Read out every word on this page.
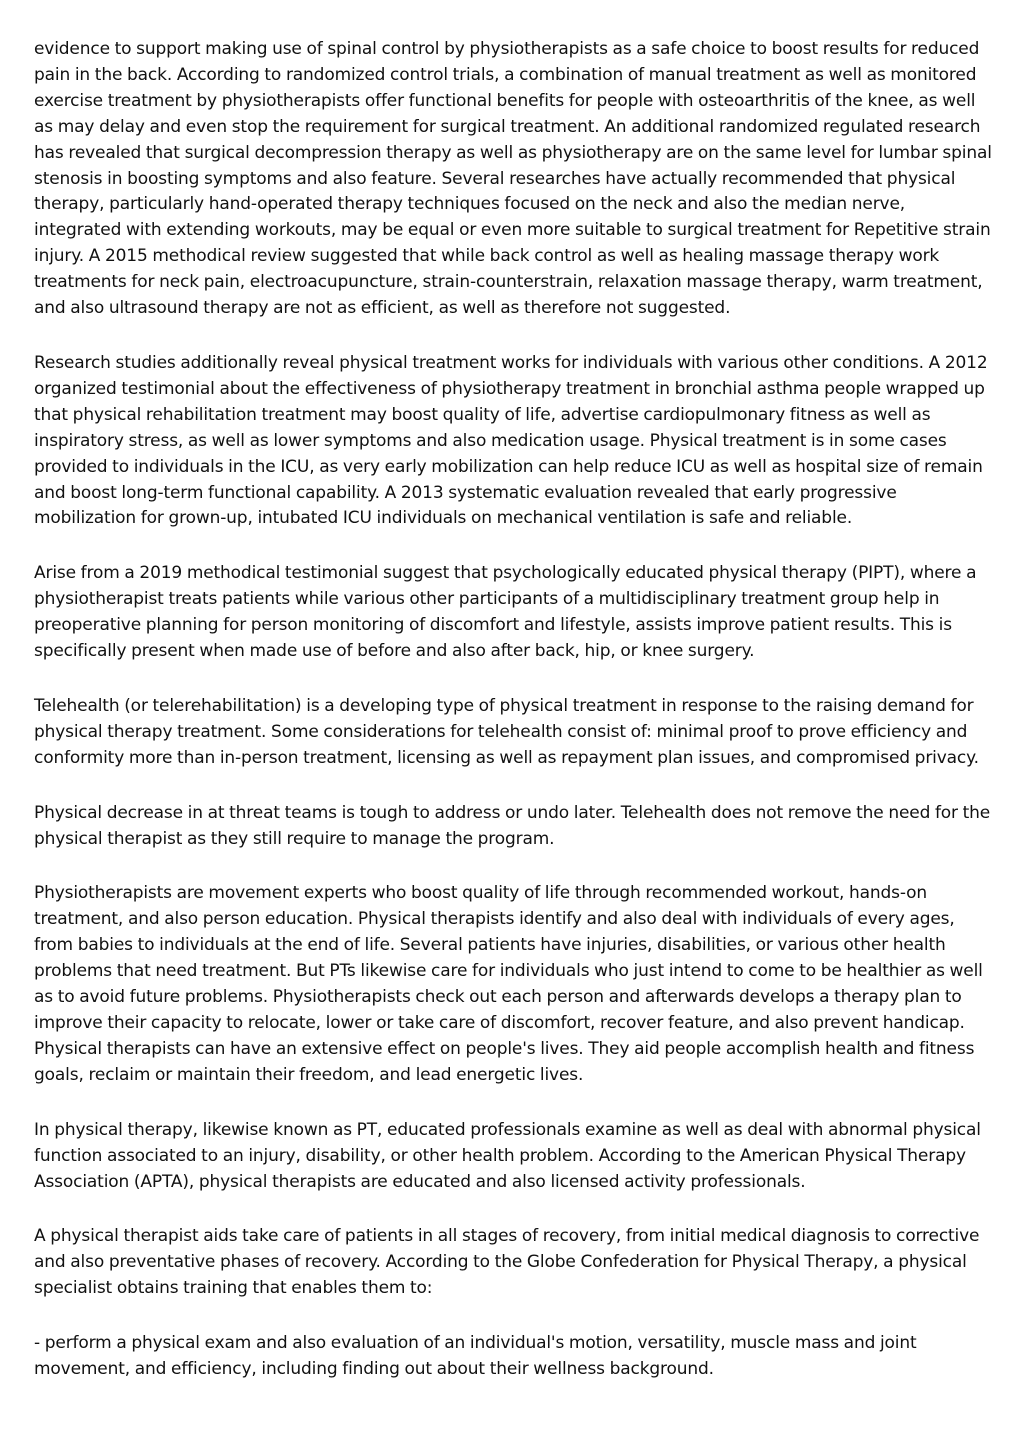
evidence to support making use of spinal control by physiotherapists as a safe choice to boost results for reduced pain in the back. According to randomized control trials, a combination of manual treatment as well as monitored exercise treatment by physiotherapists offer functional benefits for people with osteoarthritis of the knee, as well as may delay and even stop the requirement for surgical treatment. An additional randomized regulated research has revealed that surgical decompression therapy as well as physiotherapy are on the same level for lumbar spinal stenosis in boosting symptoms and also feature. Several researches have actually recommended that physical therapy, particularly hand-operated therapy techniques focused on the neck and also the median nerve, integrated with extending workouts, may be equal or even more suitable to surgical treatment for Repetitive strain injury. A 2015 methodical review suggested that while back control as well as healing massage therapy work treatments for neck pain, electroacupuncture, strain-counterstrain, relaxation massage therapy, warm treatment, and also ultrasound therapy are not as efficient, as well as therefore not suggested.

Research studies additionally reveal physical treatment works for individuals with various other conditions. A 2012 organized testimonial about the effectiveness of physiotherapy treatment in bronchial asthma people wrapped up that physical rehabilitation treatment may boost quality of life, advertise cardiopulmonary fitness as well as inspiratory stress, as well as lower symptoms and also medication usage. Physical treatment is in some cases provided to individuals in the ICU, as very early mobilization can help reduce ICU as well as hospital size of remain and boost long-term functional capability. A 2013 systematic evaluation revealed that early progressive mobilization for grown-up, intubated ICU individuals on mechanical ventilation is safe and reliable.

Arise from a 2019 methodical testimonial suggest that psychologically educated physical therapy (PIPT), where a physiotherapist treats patients while various other participants of a multidisciplinary treatment group help in preoperative planning for person monitoring of discomfort and lifestyle, assists improve patient results. This is specifically present when made use of before and also after back, hip, or knee surgery.

Telehealth (or telerehabilitation) is a developing type of physical treatment in response to the raising demand for physical therapy treatment. Some considerations for telehealth consist of: minimal proof to prove efficiency and conformity more than in-person treatment, licensing as well as repayment plan issues, and compromised privacy.

Physical decrease in at threat teams is tough to address or undo later. Telehealth does not remove the need for the physical therapist as they still require to manage the program.

Physiotherapists are movement experts who boost quality of life through recommended workout, hands-on treatment, and also person education. Physical therapists identify and also deal with individuals of every ages, from babies to individuals at the end of life. Several patients have injuries, disabilities, or various other health problems that need treatment. But PTs likewise care for individuals who just intend to come to be healthier as well as to avoid future problems. Physiotherapists check out each person and afterwards develops a therapy plan to improve their capacity to relocate, lower or take care of discomfort, recover feature, and also prevent handicap. Physical therapists can have an extensive effect on people's lives. They aid people accomplish health and fitness goals, reclaim or maintain their freedom, and lead energetic lives.

In physical therapy, likewise known as PT, educated professionals examine as well as deal with abnormal physical function associated to an injury, disability, or other health problem. According to the American Physical Therapy Association (APTA), physical therapists are educated and also licensed activity professionals.

A physical therapist aids take care of patients in all stages of recovery, from initial medical diagnosis to corrective and also preventative phases of recovery. According to the Globe Confederation for Physical Therapy, a physical specialist obtains training that enables them to:

- perform a physical exam and also evaluation of an individual's motion, versatility, muscle mass and joint movement, and efficiency, including finding out about their wellness background.
